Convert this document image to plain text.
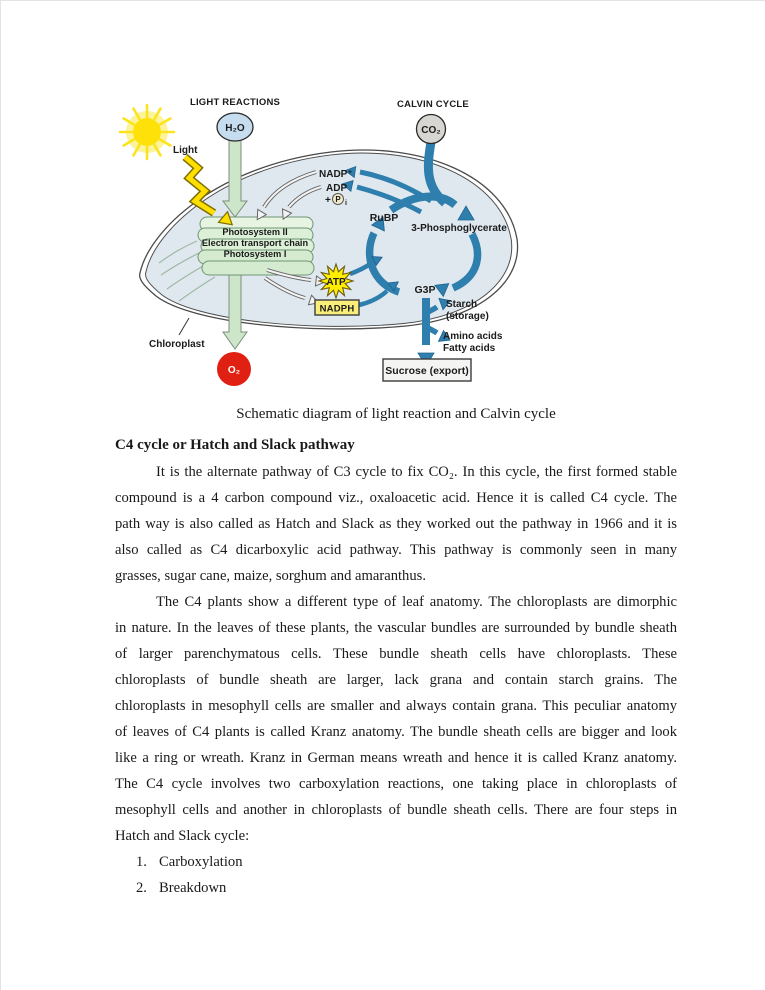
Photosystem II
Electron transport chain
Photosystem I
ATP
NADPH
NADP⁺
ADP
+ P i
RuBP
3-Phosphoglycerate
G3P
Starch
(storage)
Amino acids
Fatty acids
Sucrose (export)
Chloroplast
LIGHT REACTIONS	CALVIN CYCLE
Light
H₂O	CO₂
O₂
Schematic diagram of light reaction and Calvin cycle
C4 cycle or Hatch and Slack pathway
It is the alternate pathway of C3 cycle to fix CO₂. In this cycle, the first formed stable
compound is a 4 carbon compound viz., oxaloacetic acid. Hence it is called C4 cycle. The
path way is also called as Hatch and Slack as they worked out the pathway in 1966 and it is
also called as C4 dicarboxylic acid pathway. This pathway is commonly seen in many
grasses, sugar cane, maize, sorghum and amaranthus.
The C4 plants show a different type of leaf anatomy. The chloroplasts are dimorphic
in nature. In the leaves of these plants, the vascular bundles are surrounded by bundle sheath
of larger parenchymatous cells. These bundle sheath cells have chloroplasts. These
chloroplasts of bundle sheath are larger, lack grana and contain starch grains. The
chloroplasts in mesophyll cells are smaller and always contain grana. This peculiar anatomy
of leaves of C4 plants is called Kranz anatomy. The bundle sheath cells are bigger and look
like a ring or wreath. Kranz in German means wreath and hence it is called Kranz anatomy.
The C4 cycle involves two carboxylation reactions, one taking place in chloroplasts of
mesophyll cells and another in chloroplasts of bundle sheath cells. There are four steps in
Hatch and Slack cycle:
1. Carboxylation
2. Breakdown
